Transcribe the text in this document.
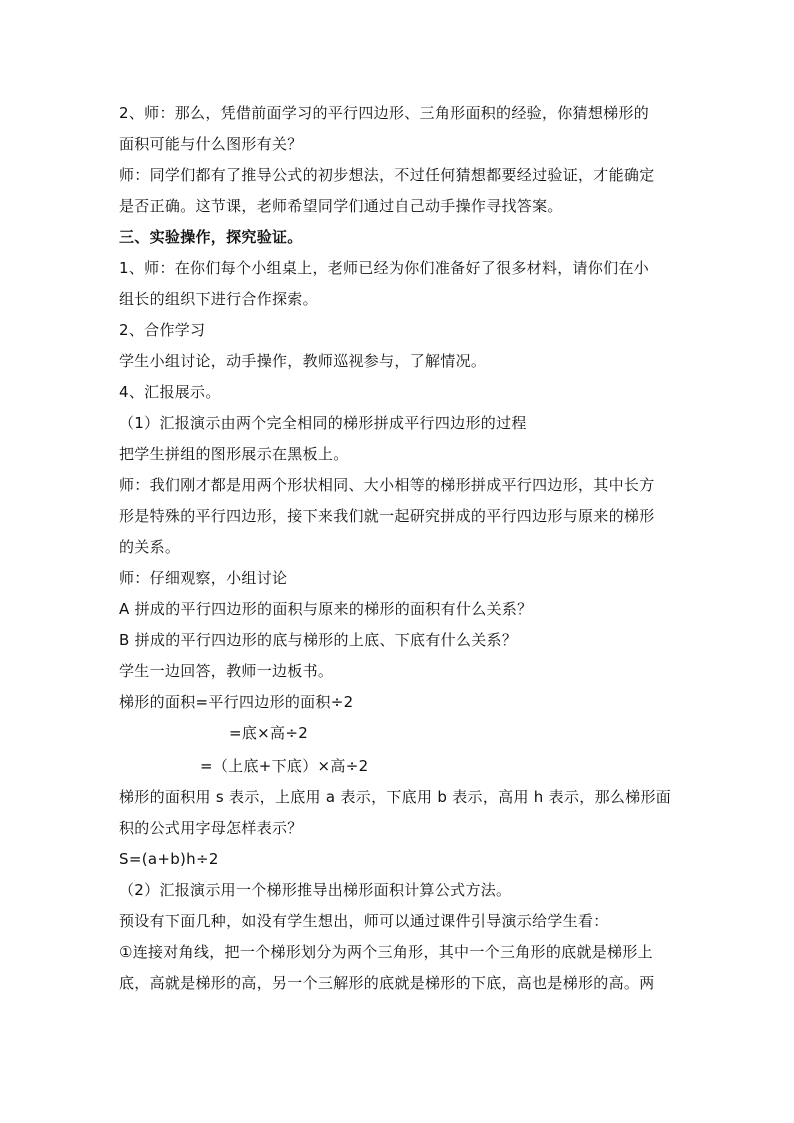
2、师：那么，凭借前面学习的平行四边形、三角形面积的经验，你猜想梯形的
面积可能与什么图形有关？
师：同学们都有了推导公式的初步想法，不过任何猜想都要经过验证，才能确定
是否正确。这节课，老师希望同学们通过自己动手操作寻找答案。
三、实验操作，探究验证。
1、师：在你们每个小组桌上，老师已经为你们准备好了很多材料，请你们在小
组长的组织下进行合作探索。
2、合作学习
学生小组讨论，动手操作，教师巡视参与，了解情况。
4、汇报展示。
（1）汇报演示由两个完全相同的梯形拼成平行四边形的过程
把学生拼组的图形展示在黑板上。
师：我们刚才都是用两个形状相同、大小相等的梯形拼成平行四边形，其中长方
形是特殊的平行四边形，接下来我们就一起研究拼成的平行四边形与原来的梯形
的关系。
师：仔细观察，小组讨论
A 拼成的平行四边形的面积与原来的梯形的面积有什么关系？
B 拼成的平行四边形的底与梯形的上底、下底有什么关系？
学生一边回答，教师一边板书。
梯形的面积=平行四边形的面积÷2
=底×高÷2
=（上底+下底）×高÷2
梯形的面积用 s 表示，上底用 a 表示，下底用 b 表示，高用 h 表示，那么梯形面
积的公式用字母怎样表示？
S=(a+b)h÷2
（2）汇报演示用一个梯形推导出梯形面积计算公式方法。
预设有下面几种，如没有学生想出，师可以通过课件引导演示给学生看：
①连接对角线，把一个梯形划分为两个三角形，其中一个三角形的底就是梯形上
底，高就是梯形的高，另一个三解形的底就是梯形的下底，高也是梯形的高。两
